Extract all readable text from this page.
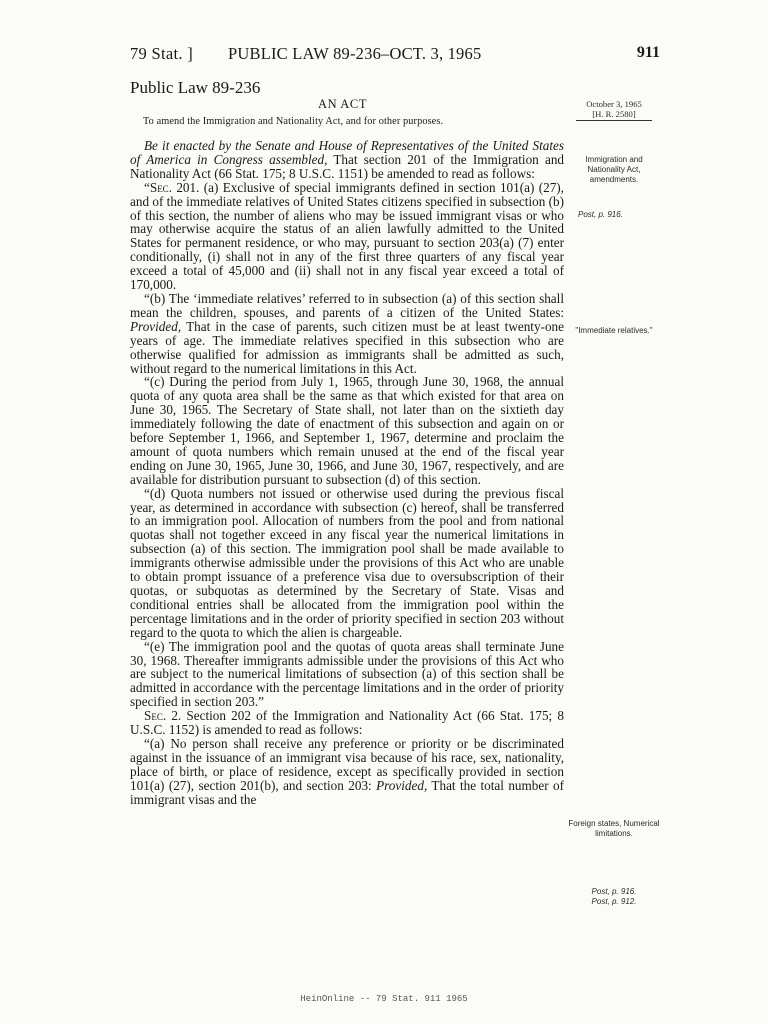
79 Stat. ] PUBLIC LAW 89-236–OCT. 3, 1965	911
Public Law 89-236
AN ACT
To amend the Immigration and Nationality Act, and for other purposes.
October 3, 1965
[H. R. 2580]
Immigration and Nationality Act, amendments.
Post, p. 916.
"Immediate relatives."
Foreign states, Numerical limitations.
Post, p. 916.
Post, p. 912.

Be it enacted by the Senate and House of Representatives of the United States of America in Congress assembled, That section 201 of the Immigration and Nationality Act (66 Stat. 175; 8 U.S.C. 1151) be amended to read as follows:

“Sec. 201. (a) Exclusive of special immigrants defined in section 101(a) (27), and of the immediate relatives of United States citizens specified in subsection (b) of this section, the number of aliens who may be issued immigrant visas or who may otherwise acquire the status of an alien lawfully admitted to the United States for permanent residence, or who may, pursuant to section 203(a) (7) enter conditionally, (i) shall not in any of the first three quarters of any fiscal year exceed a total of 45,000 and (ii) shall not in any fiscal year exceed a total of 170,000.

“(b) The ‘immediate relatives’ referred to in subsection (a) of this section shall mean the children, spouses, and parents of a citizen of the United States: Provided, That in the case of parents, such citizen must be at least twenty-one years of age. The immediate relatives specified in this subsection who are otherwise qualified for admission as immigrants shall be admitted as such, without regard to the numerical limitations in this Act.

“(c) During the period from July 1, 1965, through June 30, 1968, the annual quota of any quota area shall be the same as that which existed for that area on June 30, 1965. The Secretary of State shall, not later than on the sixtieth day immediately following the date of enactment of this subsection and again on or before September 1, 1966, and September 1, 1967, determine and proclaim the amount of quota numbers which remain unused at the end of the fiscal year ending on June 30, 1965, June 30, 1966, and June 30, 1967, respectively, and are available for distribution pursuant to subsection (d) of this section.

“(d) Quota numbers not issued or otherwise used during the previous fiscal year, as determined in accordance with subsection (c) hereof, shall be transferred to an immigration pool. Allocation of numbers from the pool and from national quotas shall not together exceed in any fiscal year the numerical limitations in subsection (a) of this section. The immigration pool shall be made available to immigrants otherwise admissible under the provisions of this Act who are unable to obtain prompt issuance of a preference visa due to oversubscription of their quotas, or subquotas as determined by the Secretary of State. Visas and conditional entries shall be allocated from the immigration pool within the percentage limitations and in the order of priority specified in section 203 without regard to the quota to which the alien is chargeable.

“(e) The immigration pool and the quotas of quota areas shall terminate June 30, 1968. Thereafter immigrants admissible under the provisions of this Act who are subject to the numerical limitations of subsection (a) of this section shall be admitted in accordance with the percentage limitations and in the order of priority specified in section 203.”

Sec. 2. Section 202 of the Immigration and Nationality Act (66 Stat. 175; 8 U.S.C. 1152) is amended to read as follows:

“(a) No person shall receive any preference or priority or be discriminated against in the issuance of an immigrant visa because of his race, sex, nationality, place of birth, or place of residence, except as specifically provided in section 101(a) (27), section 201(b), and section 203: Provided, That the total number of immigrant visas and the

HeinOnline -- 79 Stat. 911 1965
